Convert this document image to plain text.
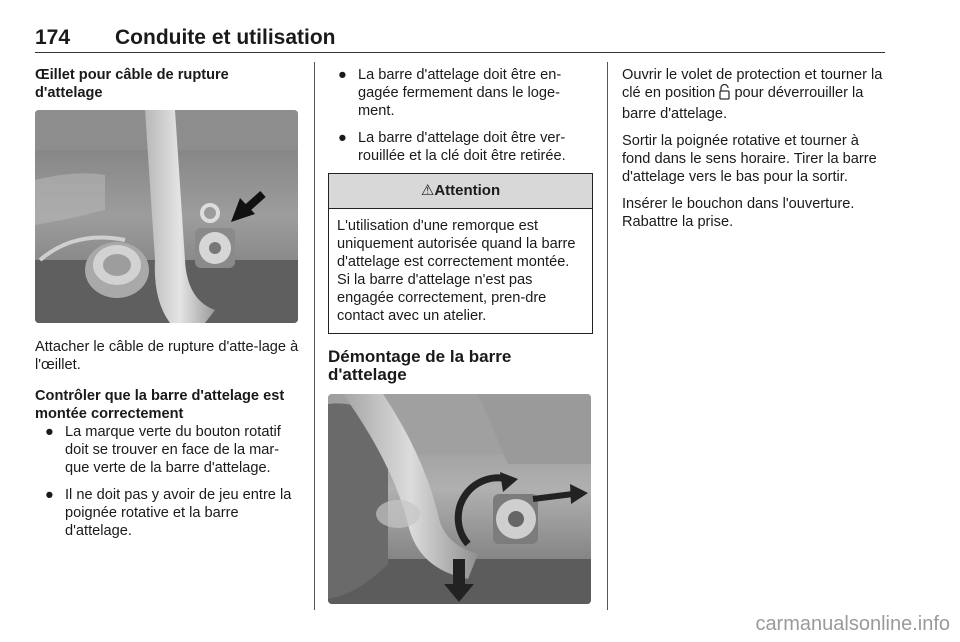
174 Conduite et utilisation

Œillet pour câble de rupture d'attelage

Attacher le câble de rupture d'atte-lage à l'œillet.

Contrôler que la barre d'attelage est montée correctement

● La marque verte du bouton rotatif doit se trouver en face de la mar-que verte de la barre d'attelage.
● Il ne doit pas y avoir de jeu entre la poignée rotative et la barre d'attelage.
● La barre d'attelage doit être en-gagée fermement dans le loge-ment.
● La barre d'attelage doit être ver-rouillée et la clé doit être retirée.
⚠Attention
L'utilisation d'une remorque est uniquement autorisée quand la barre d'attelage est correctement montée. Si la barre d'attelage n'est pas engagée correctement, pren-dre contact avec un atelier.
Démontage de la barre d'attelage

Ouvrir le volet de protection et tourner la clé en position pour déverrouiller la barre d'attelage.

Sortir la poignée rotative et tourner à fond dans le sens horaire. Tirer la barre d'attelage vers le bas pour la sortir.

Insérer le bouchon dans l'ouverture. Rabattre la prise.

carmanualsonline.info
